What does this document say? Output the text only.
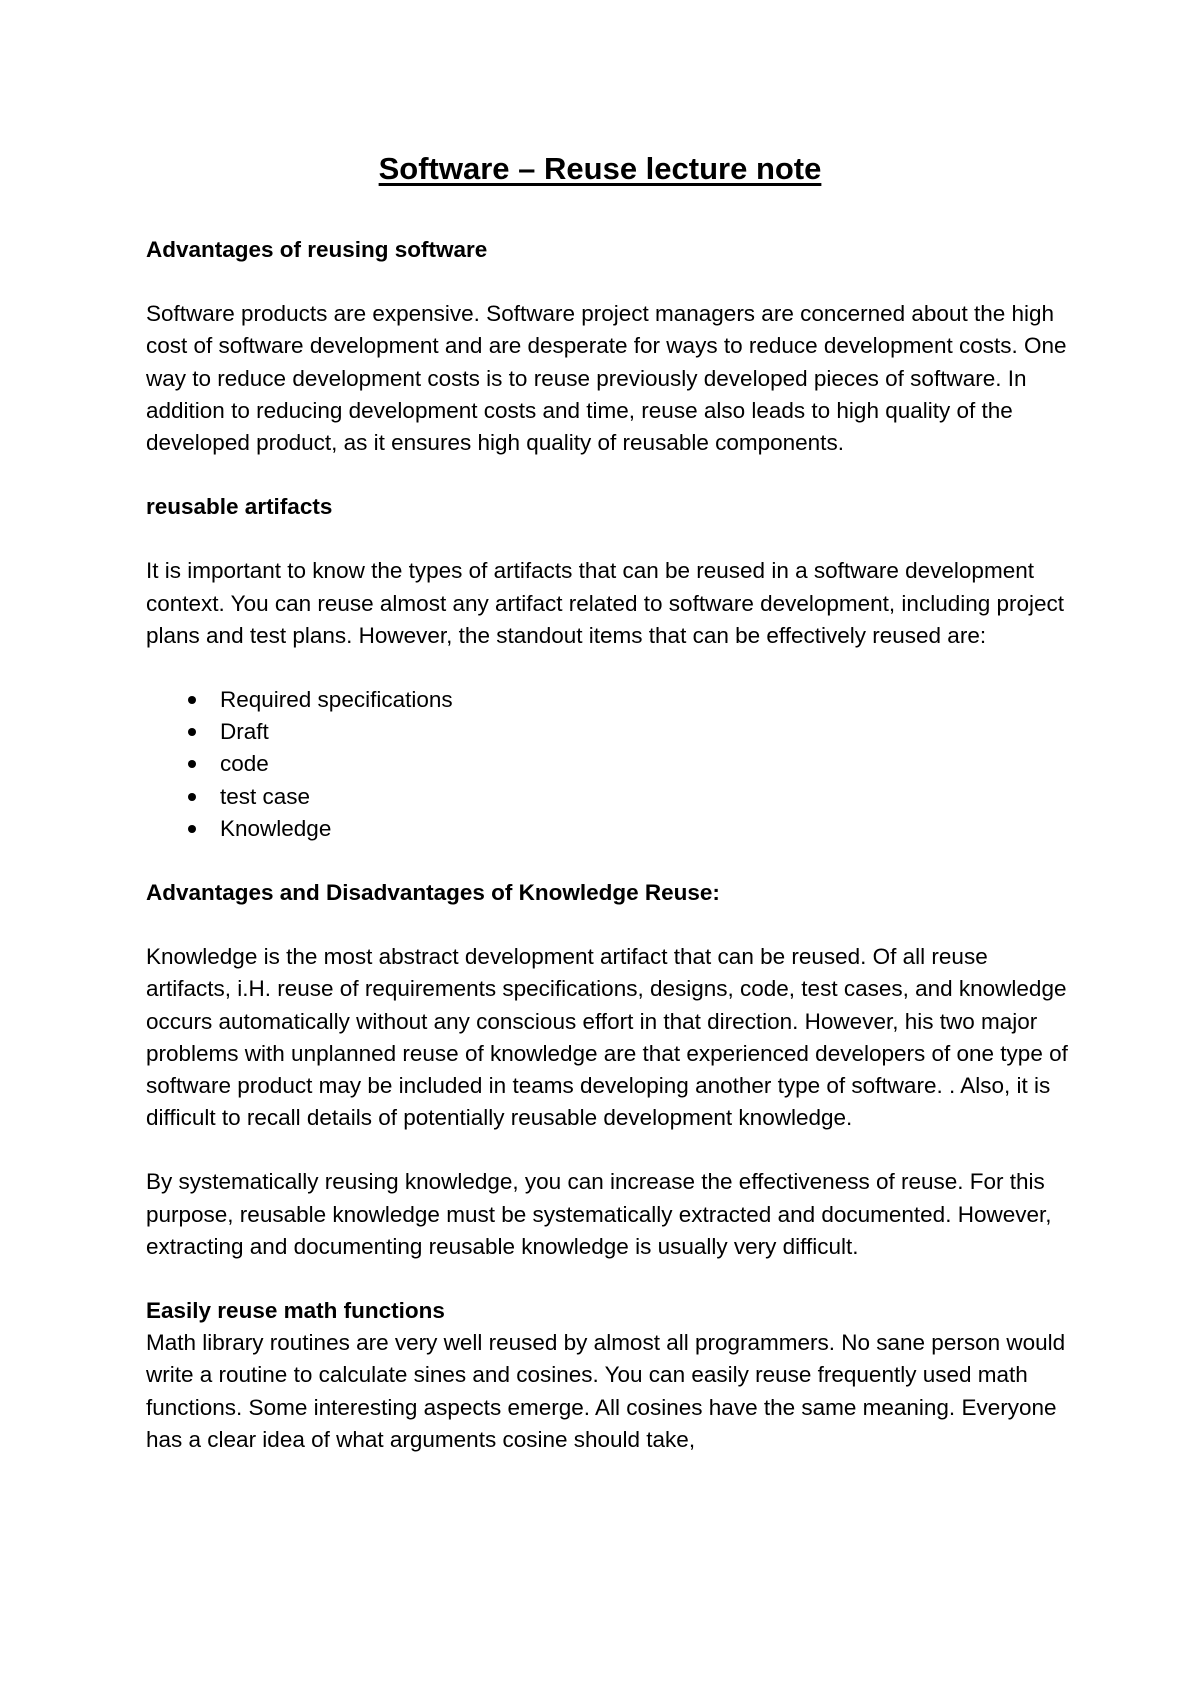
Software – Reuse lecture note

Advantages of reusing software

Software products are expensive. Software project managers are concerned about the high cost of software development and are desperate for ways to reduce development costs. One way to reduce development costs is to reuse previously developed pieces of software. In addition to reducing development costs and time, reuse also leads to high quality of the developed product, as it ensures high quality of reusable components.

reusable artifacts

It is important to know the types of artifacts that can be reused in a software development context. You can reuse almost any artifact related to software development, including project plans and test plans. However, the standout items that can be effectively reused are:

Required specifications
Draft
code
test case
Knowledge

Advantages and Disadvantages of Knowledge Reuse:

Knowledge is the most abstract development artifact that can be reused. Of all reuse artifacts, i.H. reuse of requirements specifications, designs, code, test cases, and knowledge occurs automatically without any conscious effort in that direction. However, his two major problems with unplanned reuse of knowledge are that experienced developers of one type of software product may be included in teams developing another type of software. . Also, it is difficult to recall details of potentially reusable development knowledge.

By systematically reusing knowledge, you can increase the effectiveness of reuse. For this purpose, reusable knowledge must be systematically extracted and documented. However, extracting and documenting reusable knowledge is usually very difficult.

Easily reuse math functions

Math library routines are very well reused by almost all programmers. No sane person would write a routine to calculate sines and cosines. You can easily reuse frequently used math functions. Some interesting aspects emerge. All cosines have the same meaning. Everyone has a clear idea of what arguments cosine should take,
